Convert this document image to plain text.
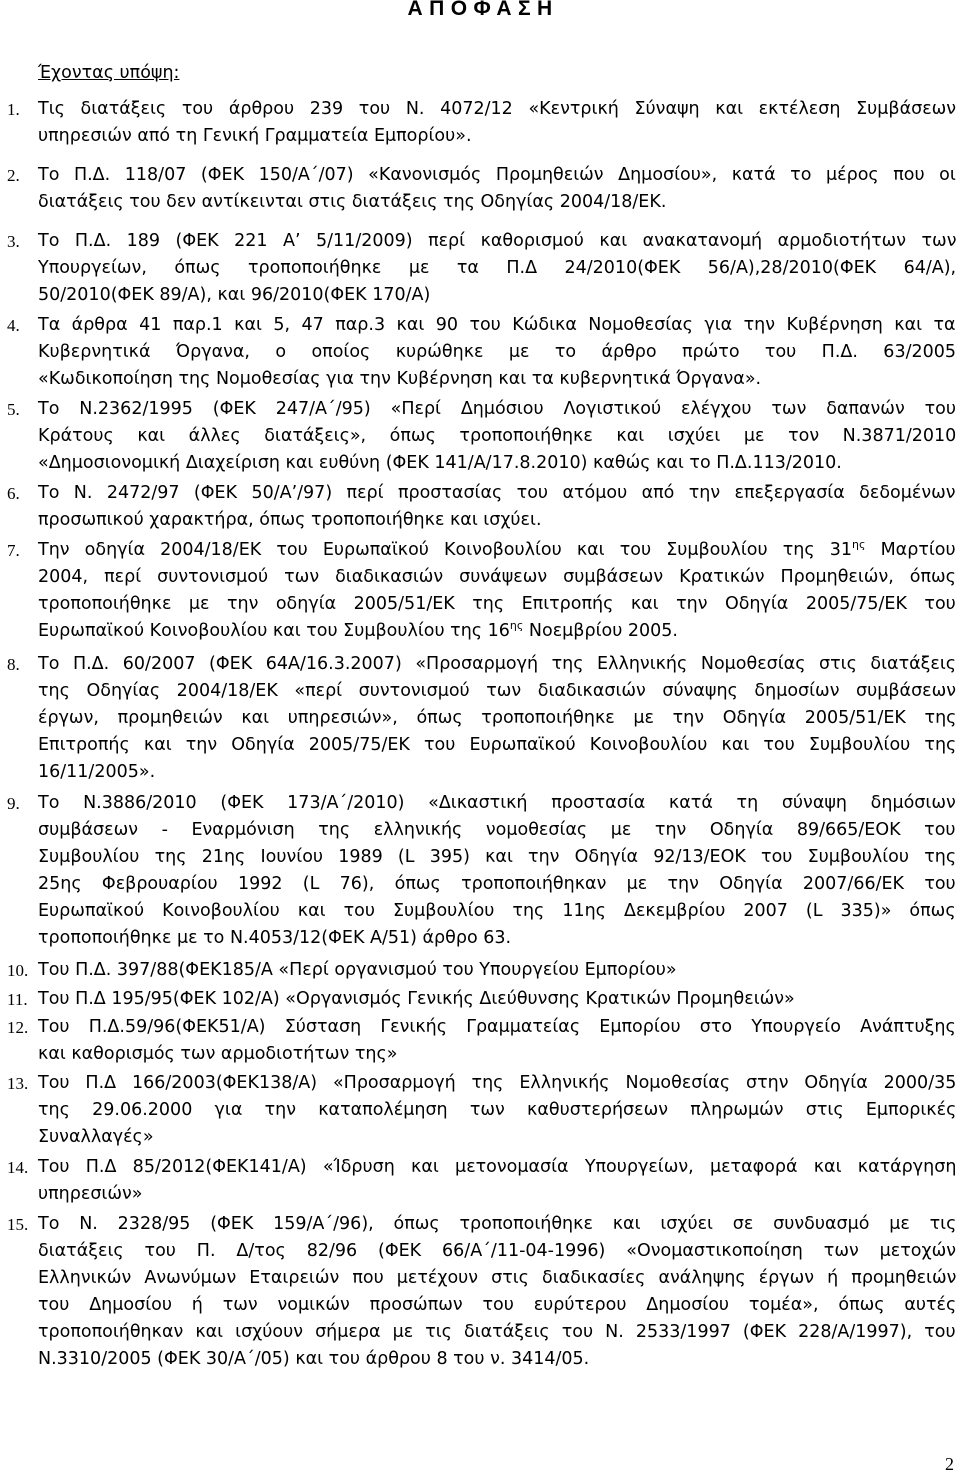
Α Π Ο Φ Α Σ Η
Έχοντας υπόψη:
1.	Τις διατάξεις του άρθρου 239 του Ν. 4072/12 «Κεντρική Σύναψη και εκτέλεση Συμβάσεων
υπηρεσιών από τη Γενική Γραμματεία Εμπορίου».
2.	Το Π.Δ. 118/07 (ΦΕΚ 150/Α΄/07) «Κανονισμός Προμηθειών Δημοσίου», κατά το μέρος που οι
διατάξεις του δεν αντίκεινται στις διατάξεις της Οδηγίας 2004/18/ΕΚ.
3.	Το Π.Δ. 189 (ΦΕΚ 221 Α’ 5/11/2009) περί καθορισμού και ανακατανομή αρμοδιοτήτων των
Υπουργείων, όπως τροποποιήθηκε με τα Π.Δ 24/2010(ΦΕΚ 56/Α),28/2010(ΦΕΚ 64/Α),
50/2010(ΦΕΚ 89/Α), και 96/2010(ΦΕΚ 170/Α)
4.	Τα άρθρα 41 παρ.1 και 5, 47 παρ.3 και 90 του Κώδικα Νομοθεσίας για την Κυβέρνηση και τα
Κυβερνητικά Όργανα, ο οποίος κυρώθηκε με το άρθρο πρώτο του Π.Δ. 63/2005
«Κωδικοποίηση της Νομοθεσίας για την Κυβέρνηση και τα κυβερνητικά Όργανα».
5.	Το Ν.2362/1995 (ΦΕΚ 247/Α΄/95) «Περί Δημόσιου Λογιστικού ελέγχου των δαπανών του
Κράτους και άλλες διατάξεις», όπως τροποποιήθηκε και ισχύει με τον Ν.3871/2010
«Δημοσιονομική Διαχείριση και ευθύνη (ΦΕΚ 141/Α/17.8.2010) καθώς και το Π.Δ.113/2010.
6.	Το Ν. 2472/97 (ΦΕΚ 50/Α’/97) περί προστασίας του ατόμου από την επεξεργασία δεδομένων
προσωπικού χαρακτήρα, όπως τροποποιήθηκε και ισχύει.
7.	Την οδηγία 2004/18/ΕΚ του Ευρωπαϊκού Κοινοβουλίου και του Συμβουλίου της $31^{\eta\varsigma}$ Μαρτίου
2004, περί συντονισμού των διαδικασιών συνάψεων συμβάσεων Κρατικών Προμηθειών, όπως
τροποποιήθηκε με την οδηγία 2005/51/ΕΚ της Επιτροπής και την Οδηγία 2005/75/ΕΚ του
Ευρωπαϊκού Κοινοβουλίου και του Συμβουλίου της $16^{\eta\varsigma}$ Νοεμβρίου 2005.
8.	Το Π.Δ. 60/2007 (ΦΕΚ 64Α/16.3.2007) «Προσαρμογή της Ελληνικής Νομοθεσίας στις διατάξεις
της Οδηγίας 2004/18/ΕΚ «περί συντονισμού των διαδικασιών σύναψης δημοσίων συμβάσεων
έργων, προμηθειών και υπηρεσιών», όπως τροποποιήθηκε με την Οδηγία 2005/51/ΕΚ της
Επιτροπής και την Οδηγία 2005/75/ΕΚ του Ευρωπαϊκού Κοινοβουλίου και του Συμβουλίου της
16/11/2005».
9.	Το Ν.3886/2010 (ΦΕΚ 173/Α΄/2010) «Δικαστική προστασία κατά τη σύναψη δημόσιων
συμβάσεων - Εναρμόνιση της ελληνικής νομοθεσίας με την Οδηγία 89/665/ΕΟΚ του
Συμβουλίου της 21ης Ιουνίου 1989 (L 395) και την Οδηγία 92/13/ΕΟΚ του Συμβουλίου της
25ης Φεβρουαρίου 1992 (L 76), όπως τροποποιήθηκαν με την Οδηγία 2007/66/ΕΚ του
Ευρωπαϊκού Κοινοβουλίου και του Συμβουλίου της 11ης Δεκεμβρίου 2007 (L 335)» όπως
τροποποιήθηκε με το Ν.4053/12(ΦΕΚ Α/51) άρθρο 63.
10. Του Π.Δ. 397/88(ΦΕΚ185/Α «Περί οργανισμού του Υπουργείου Εμπορίου»
11. Του Π.Δ 195/95(ΦΕΚ 102/Α) «Οργανισμός Γενικής Διεύθυνσης Κρατικών Προμηθειών»
12. Του Π.Δ.59/96(ΦΕΚ51/Α) Σύσταση Γενικής Γραμματείας Εμπορίου στο Υπουργείο Ανάπτυξης
και καθορισμός των αρμοδιοτήτων της»
13. Του Π.Δ 166/2003(ΦΕΚ138/Α) «Προσαρμογή της Ελληνικής Νομοθεσίας στην Οδηγία 2000/35
της 29.06.2000 για την καταπολέμηση των καθυστερήσεων πληρωμών στις Εμπορικές
Συναλλαγές»
14. Του Π.Δ 85/2012(ΦΕΚ141/Α) «Ίδρυση και μετονομασία Υπουργείων, μεταφορά και κατάργηση
υπηρεσιών»
15. Το Ν. 2328/95 (ΦΕΚ 159/Α΄/96), όπως τροποποιήθηκε και ισχύει σε συνδυασμό με τις
διατάξεις του Π. Δ/τος 82/96 (ΦΕΚ 66/Α΄/11-04-1996) «Ονομαστικοποίηση των μετοχών
Ελληνικών Ανωνύμων Εταιρειών που μετέχουν στις διαδικασίες ανάληψης έργων ή προμηθειών
του Δημοσίου ή των νομικών προσώπων του ευρύτερου Δημοσίου τομέα», όπως αυτές
τροποποιήθηκαν και ισχύουν σήμερα με τις διατάξεις του Ν. 2533/1997 (ΦΕΚ 228/Α/1997), του
Ν.3310/2005 (ΦΕΚ 30/Α΄/05) και του άρθρου 8 του ν. 3414/05.
2
